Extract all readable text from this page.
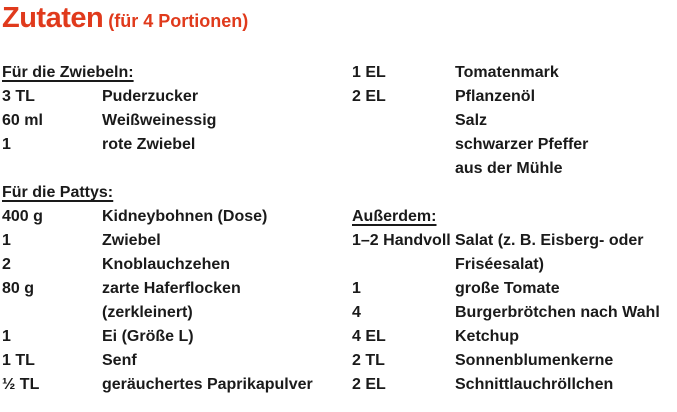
Zutaten (für 4 Portionen)
Für die Zwiebeln:
3 TL	Puderzucker
60 ml	Weißweinessig
1	rote Zwiebel
Für die Pattys:
400 g	Kidneybohnen (Dose)
1	Zwiebel
2	Knoblauchzehen
80 g	zarte Haferflocken
(zerkleinert)
1	Ei (Größe L)
1 TL	Senf
½ TL	geräuchertes Paprikapulver
1 EL	Tomatenmark
2 EL	Pflanzenöl
Salz
schwarzer Pfeffer
aus der Mühle
Außerdem:
1–2 Handvoll Salat (z. B. Eisberg- oder
Friséesalat)
1	große Tomate
4	Burgerbrötchen nach Wahl
4 EL	Ketchup
2 TL	Sonnenblumenkerne
2 EL	Schnittlauchröllchen
